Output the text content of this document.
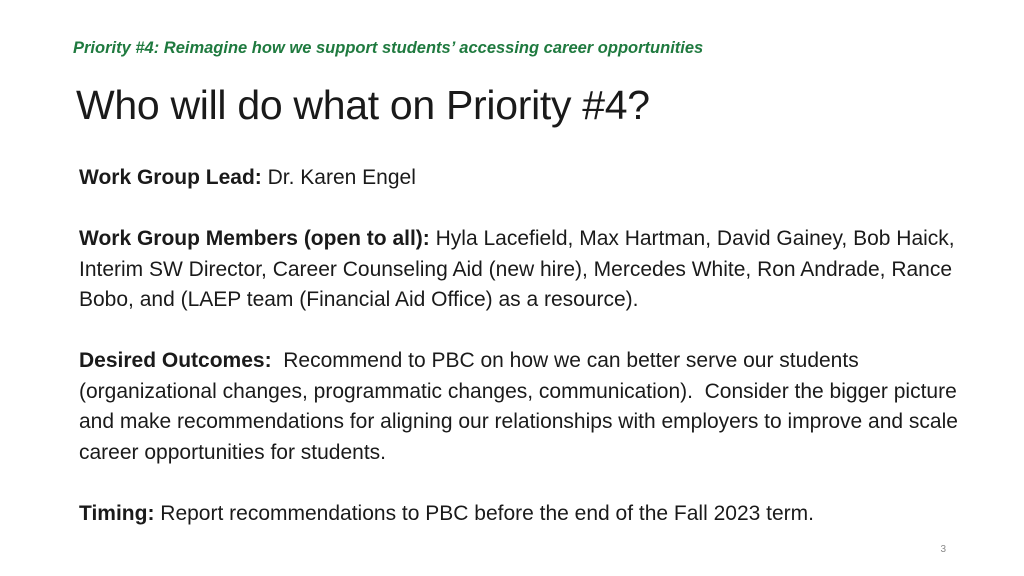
Priority #4: Reimagine how we support students’ accessing career opportunities
Who will do what on Priority #4?

Work Group Lead: Dr. Karen Engel

Work Group Members (open to all): Hyla Lacefield, Max Hartman, David Gainey, Bob Haick, Interim SW Director, Career Counseling Aid (new hire), Mercedes White, Ron Andrade, Rance Bobo, and (LAEP team (Financial Aid Office) as a resource).

Desired Outcomes:  Recommend to PBC on how we can better serve our students (organizational changes, programmatic changes, communication).  Consider the bigger picture and make recommendations for aligning our relationships with employers to improve and scale career opportunities for students.

Timing: Report recommendations to PBC before the end of the Fall 2023 term.

3
